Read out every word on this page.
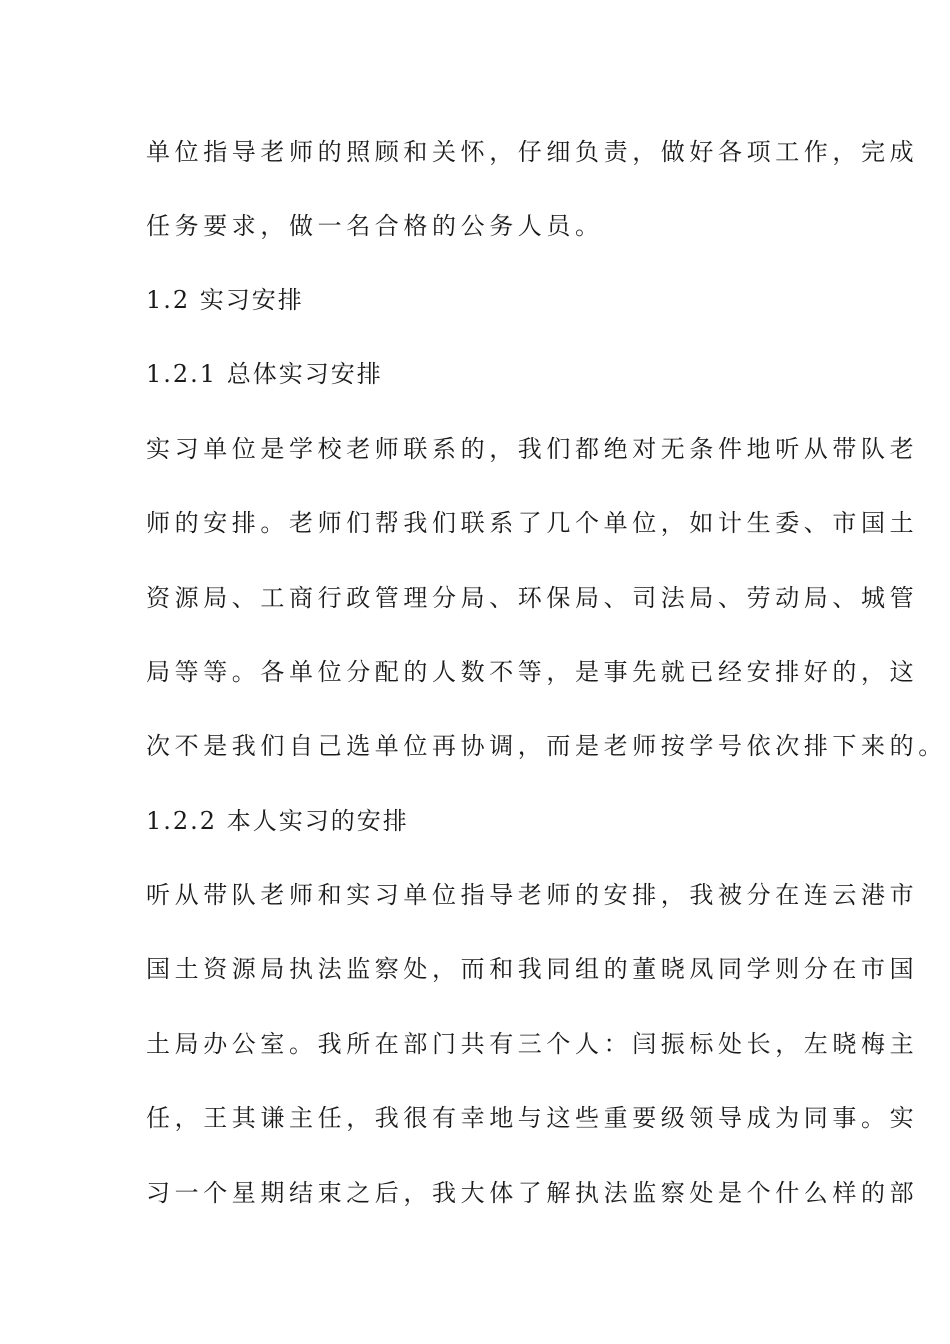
单位指导老师的照顾和关怀，仔细负责，做好各项工作，完成
任务要求，做一名合格的公务人员。
1.2 实习安排
1.2.1 总体实习安排
实习单位是学校老师联系的，我们都绝对无条件地听从带队老
师的安排。老师们帮我们联系了几个单位，如计生委、市国土
资源局、工商行政管理分局、环保局、司法局、劳动局、城管
局等等。各单位分配的人数不等，是事先就已经安排好的，这
次不是我们自己选单位再协调，而是老师按学号依次排下来的。
1.2.2 本人实习的安排
听从带队老师和实习单位指导老师的安排，我被分在连云港市
国土资源局执法监察处，而和我同组的董晓凤同学则分在市国
土局办公室。我所在部门共有三个人：闫振标处长，左晓梅主
任，王其谦主任，我很有幸地与这些重要级领导成为同事。实
习一个星期结束之后，我大体了解执法监察处是个什么样的部
